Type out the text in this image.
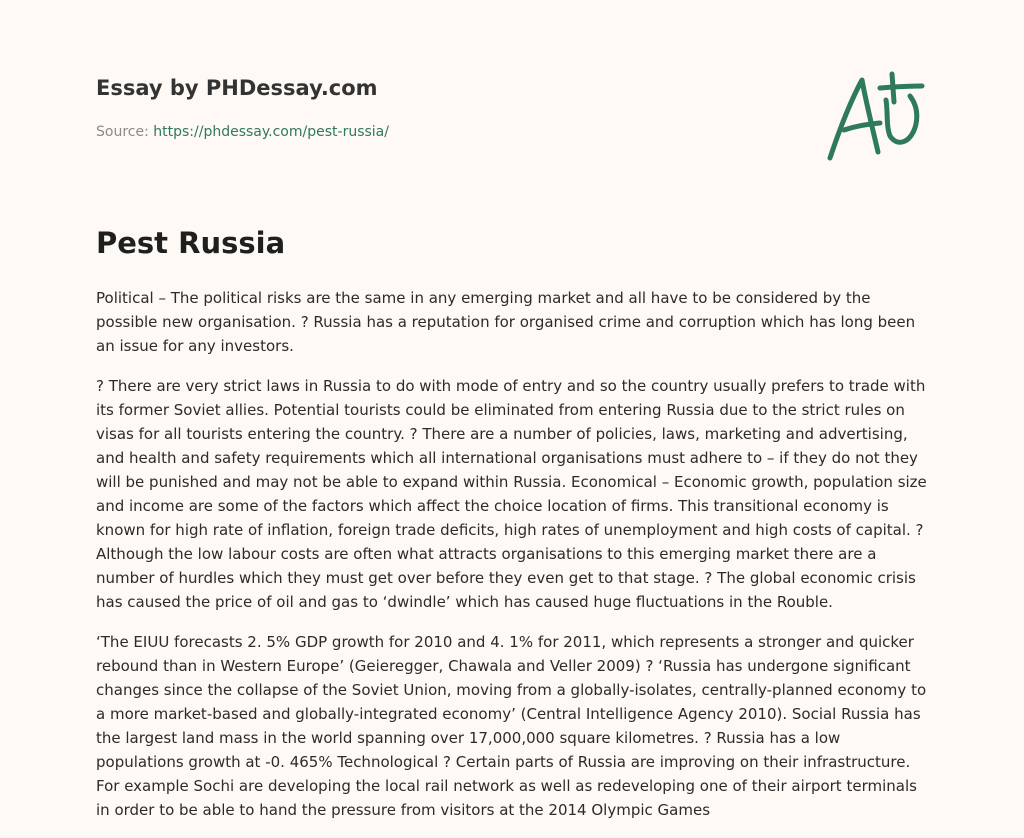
Essay by PHDessay.com
Source: https://phdessay.com/pest-russia/
Pest Russia

Political – The political risks are the same in any emerging market and all have to be considered by the possible new organisation. ? Russia has a reputation for organised crime and corruption which has long been an issue for any investors.

? There are very strict laws in Russia to do with mode of entry and so the country usually prefers to trade with its former Soviet allies. Potential tourists could be eliminated from entering Russia due to the strict rules on visas for all tourists entering the country. ? There are a number of policies, laws, marketing and advertising, and health and safety requirements which all international organisations must adhere to – if they do not they will be punished and may not be able to expand within Russia. Economical – Economic growth, population size and income are some of the factors which affect the choice location of firms. This transitional economy is known for high rate of inflation, foreign trade deficits, high rates of unemployment and high costs of capital. ? Although the low labour costs are often what attracts organisations to this emerging market there are a number of hurdles which they must get over before they even get to that stage. ? The global economic crisis has caused the price of oil and gas to ‘dwindle’ which has caused huge fluctuations in the Rouble.

‘The EIUU forecasts 2. 5% GDP growth for 2010 and 4. 1% for 2011, which represents a stronger and quicker rebound than in Western Europe’ (Geieregger, Chawala and Veller 2009) ? ‘Russia has undergone significant changes since the collapse of the Soviet Union, moving from a globally-isolates, centrally-planned economy to a more market-based and globally-integrated economy’ (Central Intelligence Agency 2010). Social Russia has the largest land mass in the world spanning over 17,000,000 square kilometres. ? Russia has a low populations growth at -0. 465% Technological ? Certain parts of Russia are improving on their infrastructure. For example Sochi are developing the local rail network as well as redeveloping one of their airport terminals in order to be able to hand the pressure from visitors at the 2014 Olympic Games
